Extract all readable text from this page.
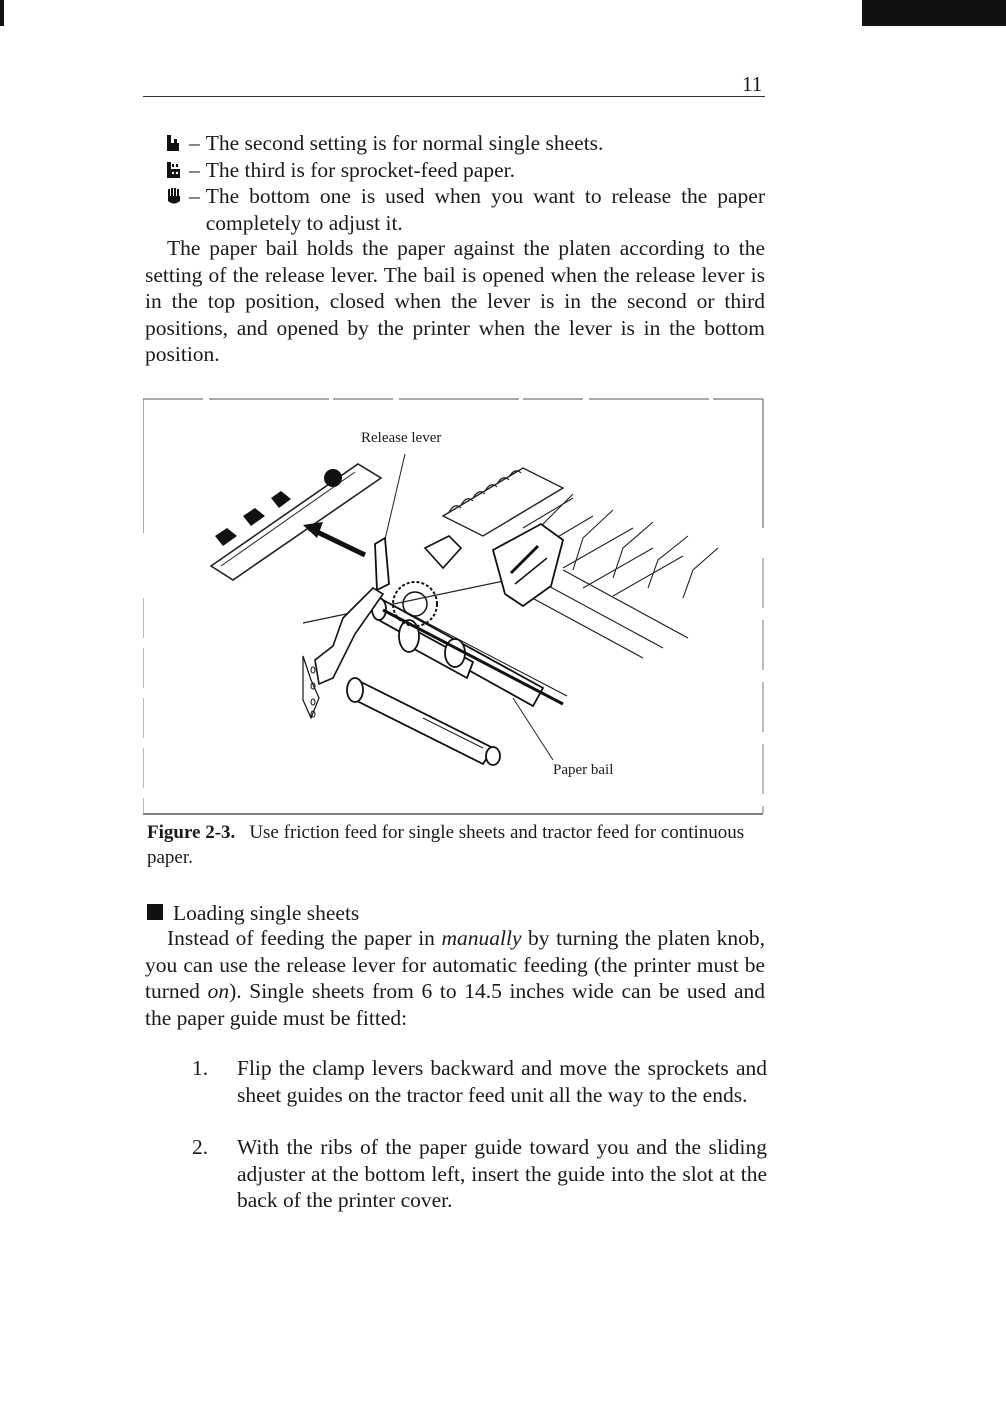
11
– The second setting is for normal single sheets.
– The third is for sprocket-feed paper.
– The bottom one is used when you want to release the paper completely to adjust it.

The paper bail holds the paper against the platen according to the setting of the release lever. The bail is opened when the release lever is in the top position, closed when the lever is in the second or third positions, and opened by the printer when the lever is in the bottom position.

Release lever
Paper bail
Figure 2-3. Use friction feed for single sheets and tractor feed for continuous paper.
Loading single sheets

Instead of feeding the paper in manually by turning the platen knob, you can use the release lever for automatic feeding (the printer must be turned on). Single sheets from 6 to 14.5 inches wide can be used and the paper guide must be fitted:

1.	Flip the clamp levers backward and move the sprockets and sheet guides on the tractor feed unit all the way to the ends.
2.	With the ribs of the paper guide toward you and the sliding adjuster at the bottom left, insert the guide into the slot at the back of the printer cover.
